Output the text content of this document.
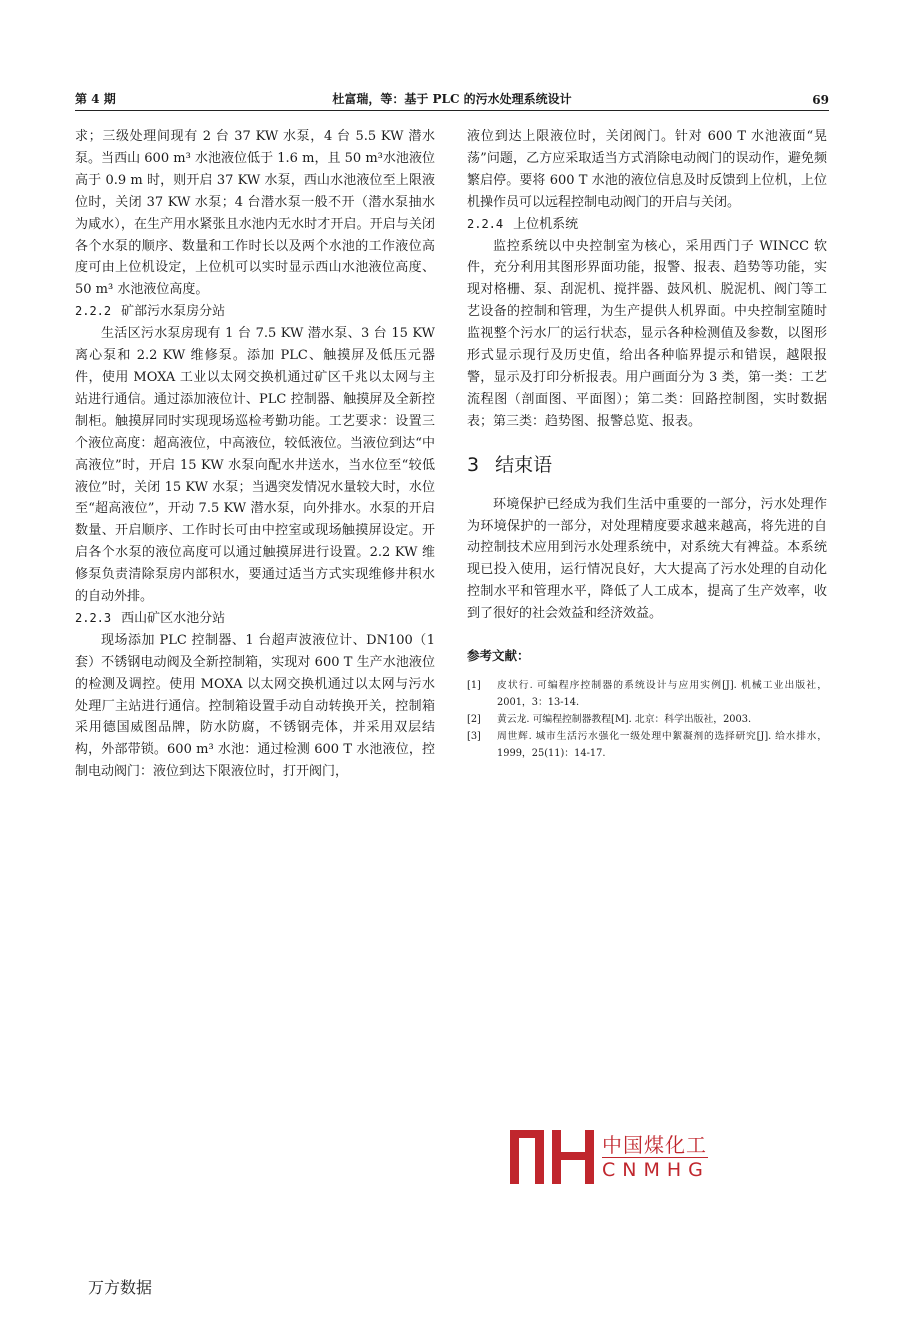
第 4 期	杜富瑞，等：基于 PLC 的污水处理系统设计	69

求；三级处理间现有 2 台 37 KW 水泵，4 台 5.5 KW 潜水泵。当西山 600 m³ 水池液位低于 1.6 m，且 50 m³水池液位高于 0.9 m 时，则开启 37 KW 水泵，西山水池液位至上限液位时，关闭 37 KW 水泵；4 台潜水泵一般不开（潜水泵抽水为咸水），在生产用水紧张且水池内无水时才开启。开启与关闭各个水泵的顺序、数量和工作时长以及两个水池的工作液位高度可由上位机设定，上位机可以实时显示西山水池液位高度、50 m³ 水池液位高度。

2.2.2 矿部污水泵房分站

生活区污水泵房现有 1 台 7.5 KW 潜水泵、3 台 15 KW 离心泵和 2.2 KW 维修泵。添加 PLC、触摸屏及低压元器件，使用 MOXA 工业以太网交换机通过矿区千兆以太网与主站进行通信。通过添加液位计、PLC 控制器、触摸屏及全新控制柜。触摸屏同时实现现场巡检考勤功能。工艺要求：设置三个液位高度：超高液位，中高液位，较低液位。当液位到达“中高液位”时，开启 15 KW 水泵向配水井送水，当水位至“较低液位”时，关闭 15 KW 水泵；当遇突发情况水量较大时，水位至“超高液位”，开动 7.5 KW 潜水泵，向外排水。水泵的开启数量、开启顺序、工作时长可由中控室或现场触摸屏设定。开启各个水泵的液位高度可以通过触摸屏进行设置。2.2 KW 维修泵负责清除泵房内部积水，要通过适当方式实现维修井积水的自动外排。

2.2.3 西山矿区水池分站

现场添加 PLC 控制器、1 台超声波液位计、DN100（1 套）不锈钢电动阀及全新控制箱，实现对 600 T 生产水池液位的检测及调控。使用 MOXA 以太网交换机通过以太网与污水处理厂主站进行通信。控制箱设置手动自动转换开关，控制箱采用德国威图品牌，防水防腐，不锈钢壳体，并采用双层结构，外部带锁。600 m³ 水池：通过检测 600 T 水池液位，控制电动阀门：液位到达下限液位时，打开阀门，

液位到达上限液位时，关闭阀门。针对 600 T 水池液面“晃荡”问题，乙方应采取适当方式消除电动阀门的误动作，避免频繁启停。要将 600 T 水池的液位信息及时反馈到上位机，上位机操作员可以远程控制电动阀门的开启与关闭。

2.2.4 上位机系统

监控系统以中央控制室为核心，采用西门子 WINCC 软件，充分利用其图形界面功能，报警、报表、趋势等功能，实现对格栅、泵、刮泥机、搅拌器、鼓风机、脱泥机、阀门等工艺设备的控制和管理，为生产提供人机界面。中央控制室随时监视整个污水厂的运行状态，显示各种检测值及参数，以图形形式显示现行及历史值，给出各种临界提示和错误，越限报警，显示及打印分析报表。用户画面分为 3 类，第一类：工艺流程图（剖面图、平面图）；第二类：回路控制图，实时数据表；第三类：趋势图、报警总览、报表。

3 结束语

环境保护已经成为我们生活中重要的一部分，污水处理作为环境保护的一部分，对处理精度要求越来越高，将先进的自动控制技术应用到污水处理系统中，对系统大有裨益。本系统现已投入使用，运行情况良好，大大提高了污水处理的自动化控制水平和管理水平，降低了人工成本，提高了生产效率，收到了很好的社会效益和经济效益。

参考文献：
[1]	皮状行. 可编程序控制器的系统设计与应用实例[J]. 机械工业出版社，2001，3：13-14.
[2]	黄云龙. 可编程控制器教程[M]. 北京：科学出版社，2003.
[3]	周世辉. 城市生活污水强化一级处理中絮凝剂的选择研究[J]. 给水排水，1999，25(11)：14-17.
中国煤化工
CNMHG
万方数据
